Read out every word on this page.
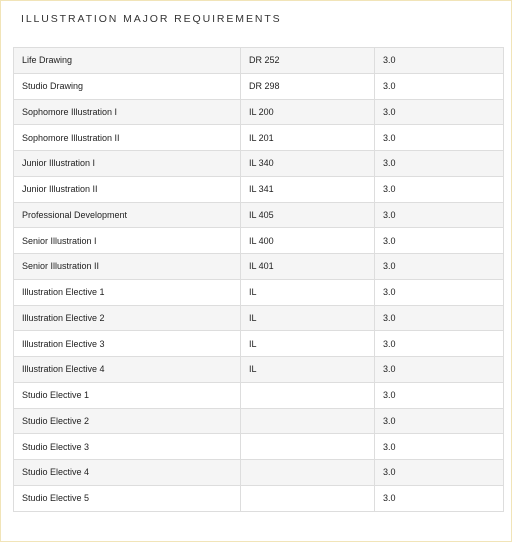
ILLUSTRATION MAJOR REQUIREMENTS
Life Drawing	DR 252	3.0
Studio Drawing	DR 298	3.0
Sophomore Illustration I	IL 200	3.0
Sophomore Illustration II	IL 201	3.0
Junior Illustration I	IL 340	3.0
Junior Illustration II	IL 341	3.0
Professional Development	IL 405	3.0
Senior Illustration I	IL 400	3.0
Senior Illustration II	IL 401	3.0
Illustration Elective 1	IL	3.0
Illustration Elective 2	IL	3.0
Illustration Elective 3	IL	3.0
Illustration Elective 4	IL	3.0
Studio Elective 1		3.0
Studio Elective 2		3.0
Studio Elective 3		3.0
Studio Elective 4		3.0
Studio Elective 5		3.0
